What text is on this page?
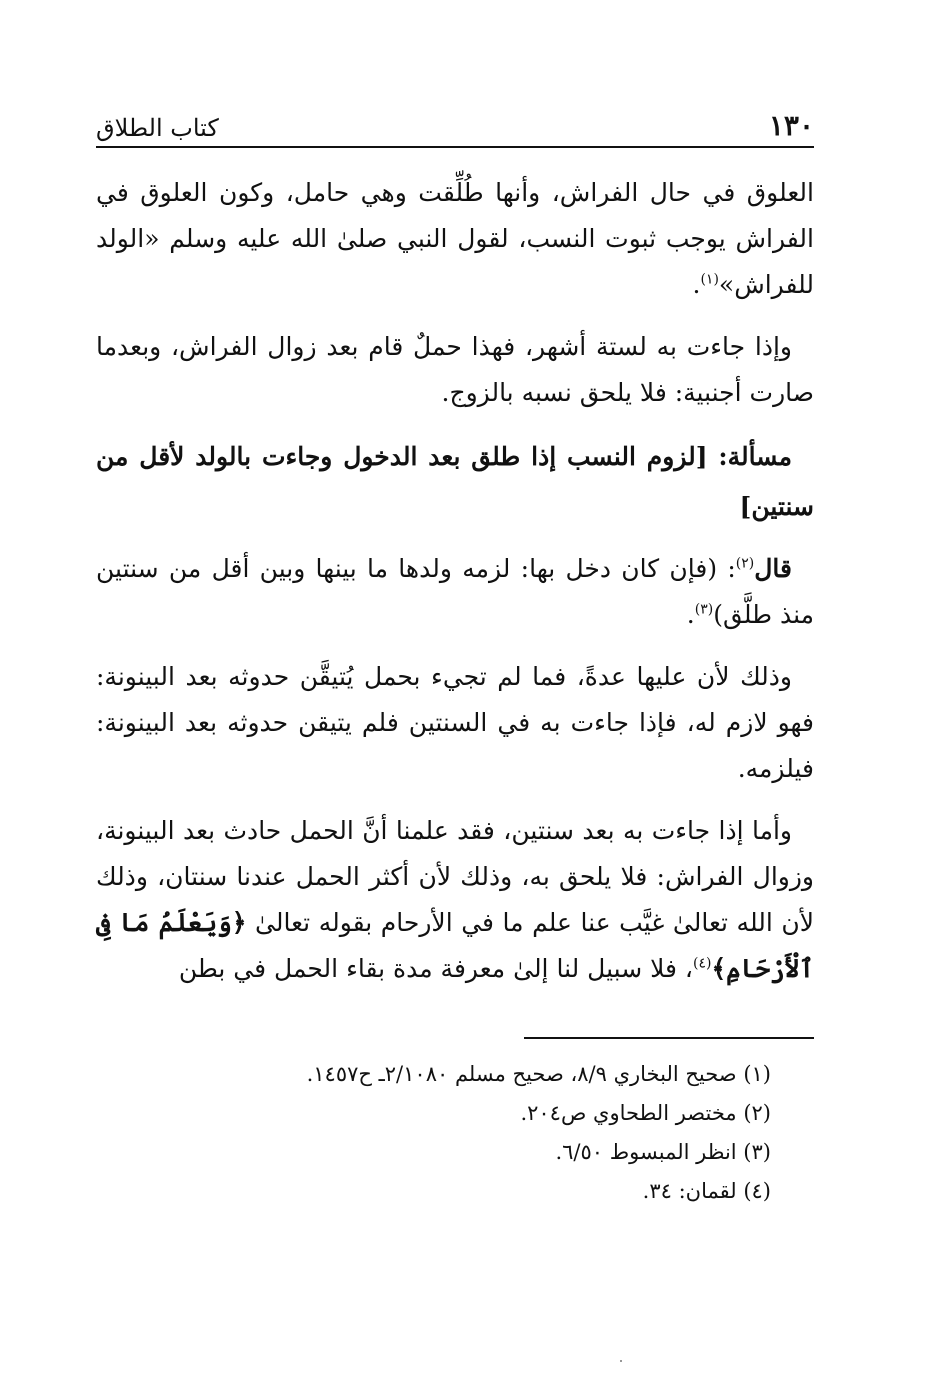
١٣٠
كتاب الطلاق

العلوق في حال الفراش، وأنها طُلِّقت وهي حامل، وكون العلوق في الفراش يوجب ثبوت النسب، لقول النبي صلىٰ الله عليه وسلم «الولد للفراش»$^{(١)}$.

وإذا جاءت به لستة أشهر، فهذا حملٌ قام بعد زوال الفراش، وبعدما صارت أجنبية: فلا يلحق نسبه بالزوج.

مسألة: [لزوم النسب إذا طلق بعد الدخول وجاءت بالولد لأقل من سنتين]

قال$^{(٢)}$: (فإن كان دخل بها: لزمه ولدها ما بينها وبين أقل من سنتين منذ طلَّق)$^{(٣)}$.

وذلك لأن عليها عدةً، فما لم تجيء بحمل يُتيقَّن حدوثه بعد البينونة: فهو لازم له، فإذا جاءت به في السنتين فلم يتيقن حدوثه بعد البينونة: فيلزمه.

وأما إذا جاءت به بعد سنتين، فقد علمنا أنَّ الحمل حادث بعد البينونة، وزوال الفراش: فلا يلحق به، وذلك لأن أكثر الحمل عندنا سنتان، وذلك لأن الله تعالىٰ غيَّب عنا علم ما في الأرحام بقوله تعالىٰ ﴿وَيَعْلَمُ مَا فِى ٱلْأَرْحَامِ﴾$^{(٤)}$، فلا سبيل لنا إلىٰ معرفة مدة بقاء الحمل في بطن

(١) صحيح البخاري ٨/٩، صحيح مسلم ٢/١٠٨٠ـ ح١٤٥٧.

(٢) مختصر الطحاوي ص٢٠٤.

(٣) انظر المبسوط ٦/٥٠.

(٤) لقمان: ٣٤.
